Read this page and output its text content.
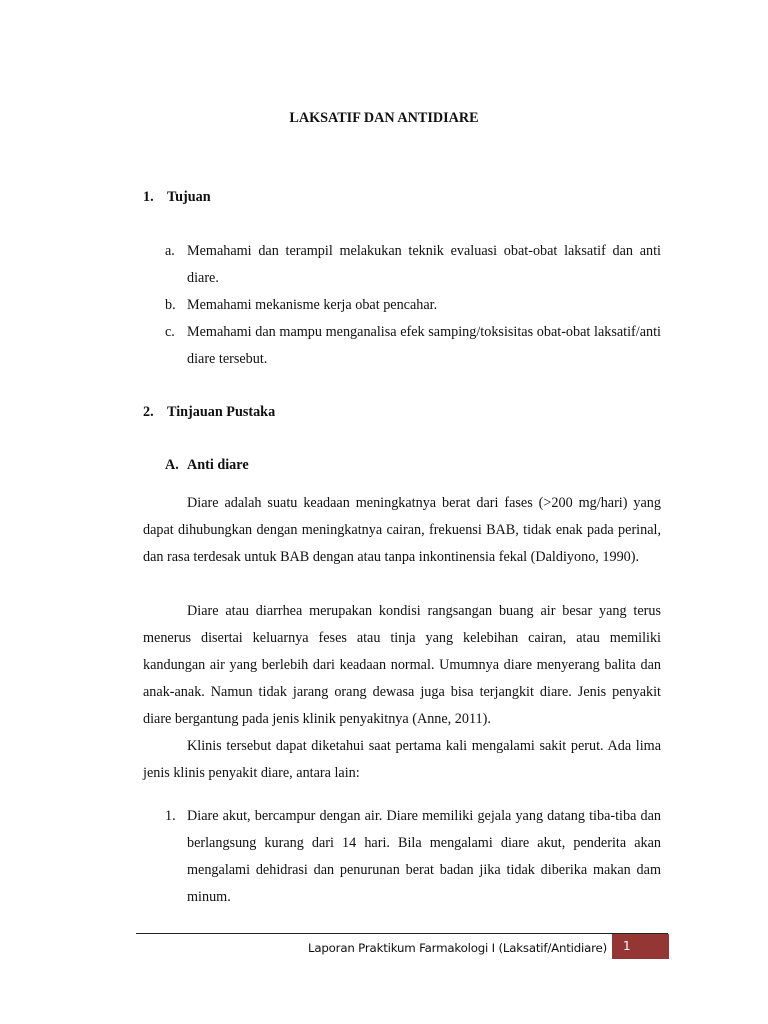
LAKSATIF DAN ANTIDIARE
1. Tujuan
a. Memahami dan terampil melakukan teknik evaluasi obat-obat laksatif dan anti diare.
b. Memahami mekanisme kerja obat pencahar.
c. Memahami dan mampu menganalisa efek samping/toksisitas obat-obat laksatif/anti diare tersebut.
2. Tinjauan Pustaka
A. Anti diare

Diare adalah suatu keadaan meningkatnya berat dari fases (>200 mg/hari) yang dapat dihubungkan dengan meningkatnya cairan, frekuensi BAB, tidak enak pada perinal, dan rasa terdesak untuk BAB dengan atau tanpa inkontinensia fekal (Daldiyono, 1990).

Diare atau diarrhea merupakan kondisi rangsangan buang air besar yang terus menerus disertai keluarnya feses atau tinja yang kelebihan cairan, atau memiliki kandungan air yang berlebih dari keadaan normal. Umumnya diare menyerang balita dan anak-anak. Namun tidak jarang orang dewasa juga bisa terjangkit diare. Jenis penyakit diare bergantung pada jenis klinik penyakitnya (Anne, 2011).

Klinis tersebut dapat diketahui saat pertama kali mengalami sakit perut. Ada lima jenis klinis penyakit diare, antara lain:

1. Diare akut, bercampur dengan air. Diare memiliki gejala yang datang tiba-tiba dan berlangsung kurang dari 14 hari. Bila mengalami diare akut, penderita akan mengalami dehidrasi dan penurunan berat badan jika tidak diberika makan dam minum.
Laporan Praktikum Farmakologi I (Laksatif/Antidiare)	1
